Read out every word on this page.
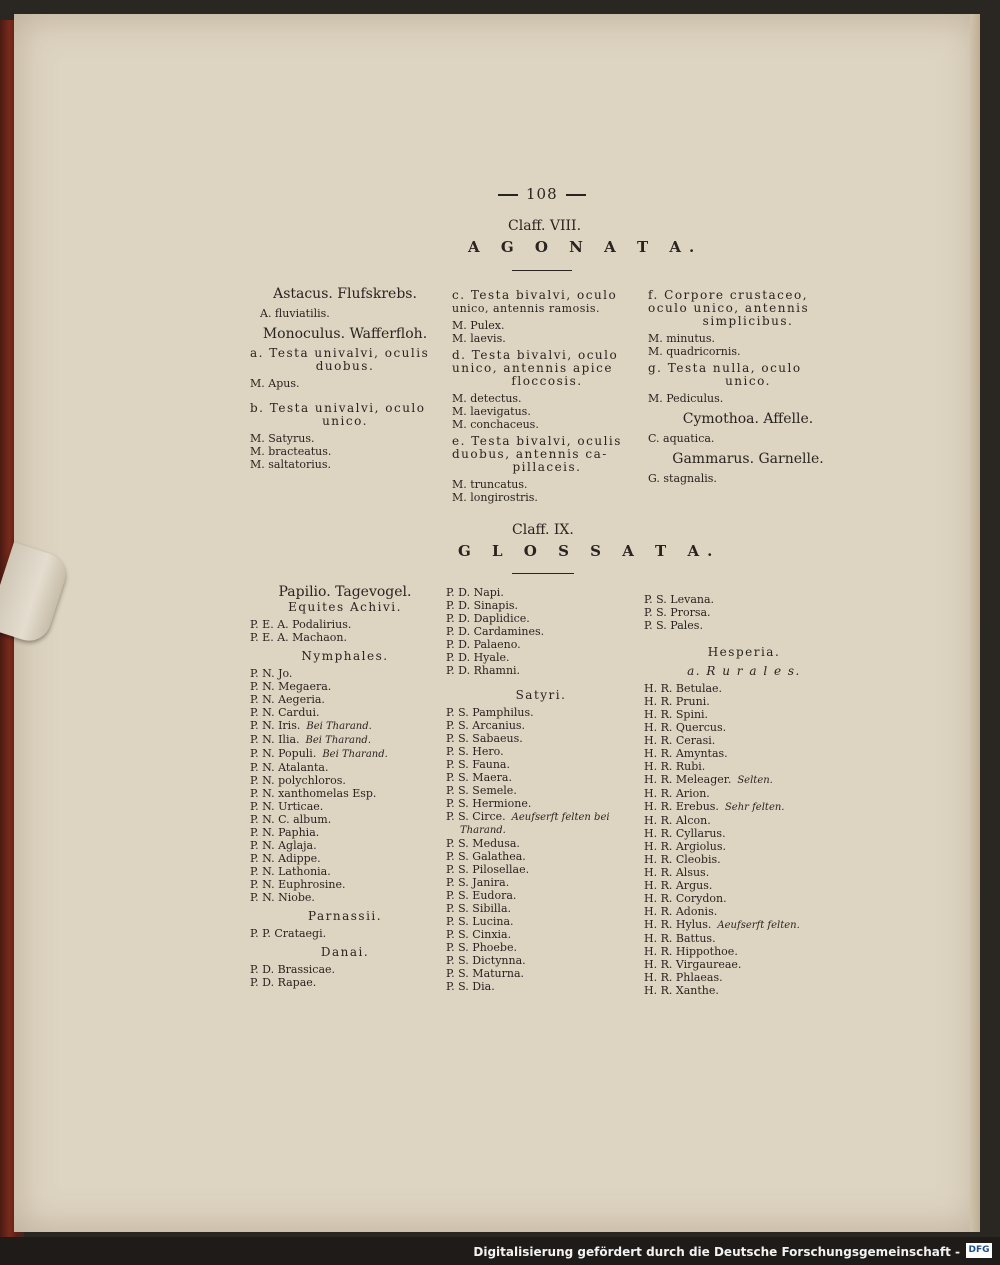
108
Claff. VIII.
A G O N A T A.
Astacus. Flufskrebs.
A. fluviatilis.
Monoculus. Wafferfloh.
a. Testa univalvi, oculis
duobus.
M. Apus.
b. Testa univalvi, oculo
unico.
M. Satyrus.
M. bracteatus.
M. saltatorius.
c. Testa bivalvi, oculo
unico, antennis ramosis.
M. Pulex.
M. laevis.
d. Testa bivalvi, oculo
unico, antennis apice
floccosis.
M. detectus.
M. laevigatus.
M. conchaceus.
e. Testa bivalvi, oculis
duobus, antennis ca-
pillaceis.
M. truncatus.
M. longirostris.
f. Corpore crustaceo,
oculo unico, antennis
simplicibus.
M. minutus.
M. quadricornis.
g. Testa nulla, oculo
unico.
M. Pediculus.
Cymothoa. Affelle.
C. aquatica.
Gammarus. Garnelle.
G. stagnalis.
Claff. IX.
G L O S S A T A.
Papilio. Tagevogel.
Equites Achivi.
P. E. A. Podalirius.
P. E. A. Machaon.
Nymphales.
P. N. Jo.
P. N. Megaera.
P. N. Aegeria.
P. N. Cardui.
P. N. Iris. Bei Tharand.
P. N. Ilia. Bei Tharand.
P. N. Populi. Bei Tharand.
P. N. Atalanta.
P. N. polychloros.
P. N. xanthomelas Esp.
P. N. Urticae.
P. N. C. album.
P. N. Paphia.
P. N. Aglaja.
P. N. Adippe.
P. N. Lathonia.
P. N. Euphrosine.
P. N. Niobe.
Parnassii.
P. P. Crataegi.
Danai.
P. D. Brassicae.
P. D. Rapae.
P. D. Napi.
P. D. Sinapis.
P. D. Daplidice.
P. D. Cardamines.
P. D. Palaeno.
P. D. Hyale.
P. D. Rhamni.
Satyri.
P. S. Pamphilus.
P. S. Arcanius.
P. S. Sabaeus.
P. S. Hero.
P. S. Fauna.
P. S. Maera.
P. S. Semele.
P. S. Hermione.
P. S. Circe. Aeufserft felten bei
Tharand.
P. S. Medusa.
P. S. Galathea.
P. S. Pilosellae.
P. S. Janira.
P. S. Eudora.
P. S. Sibilla.
P. S. Lucina.
P. S. Cinxia.
P. S. Phoebe.
P. S. Dictynna.
P. S. Maturna.
P. S. Dia.
P. S. Levana.
P. S. Prorsa.
P. S. Pales.
Hesperia.
a. R u r a l e s.
H. R. Betulae.
H. R. Pruni.
H. R. Spini.
H. R. Quercus.
H. R. Cerasi.
H. R. Amyntas.
H. R. Rubi.
H. R. Meleager. Selten.
H. R. Arion.
H. R. Erebus. Sehr felten.
H. R. Alcon.
H. R. Cyllarus.
H. R. Argiolus.
H. R. Cleobis.
H. R. Alsus.
H. R. Argus.
H. R. Corydon.
H. R. Adonis.
H. R. Hylus. Aeufserft felten.
H. R. Battus.
H. R. Hippothoe.
H. R. Virgaureae.
H. R. Phlaeas.
H. R. Xanthe.
Digitalisierung gefördert durch die Deutsche Forschungsgemeinschaft - DFG
